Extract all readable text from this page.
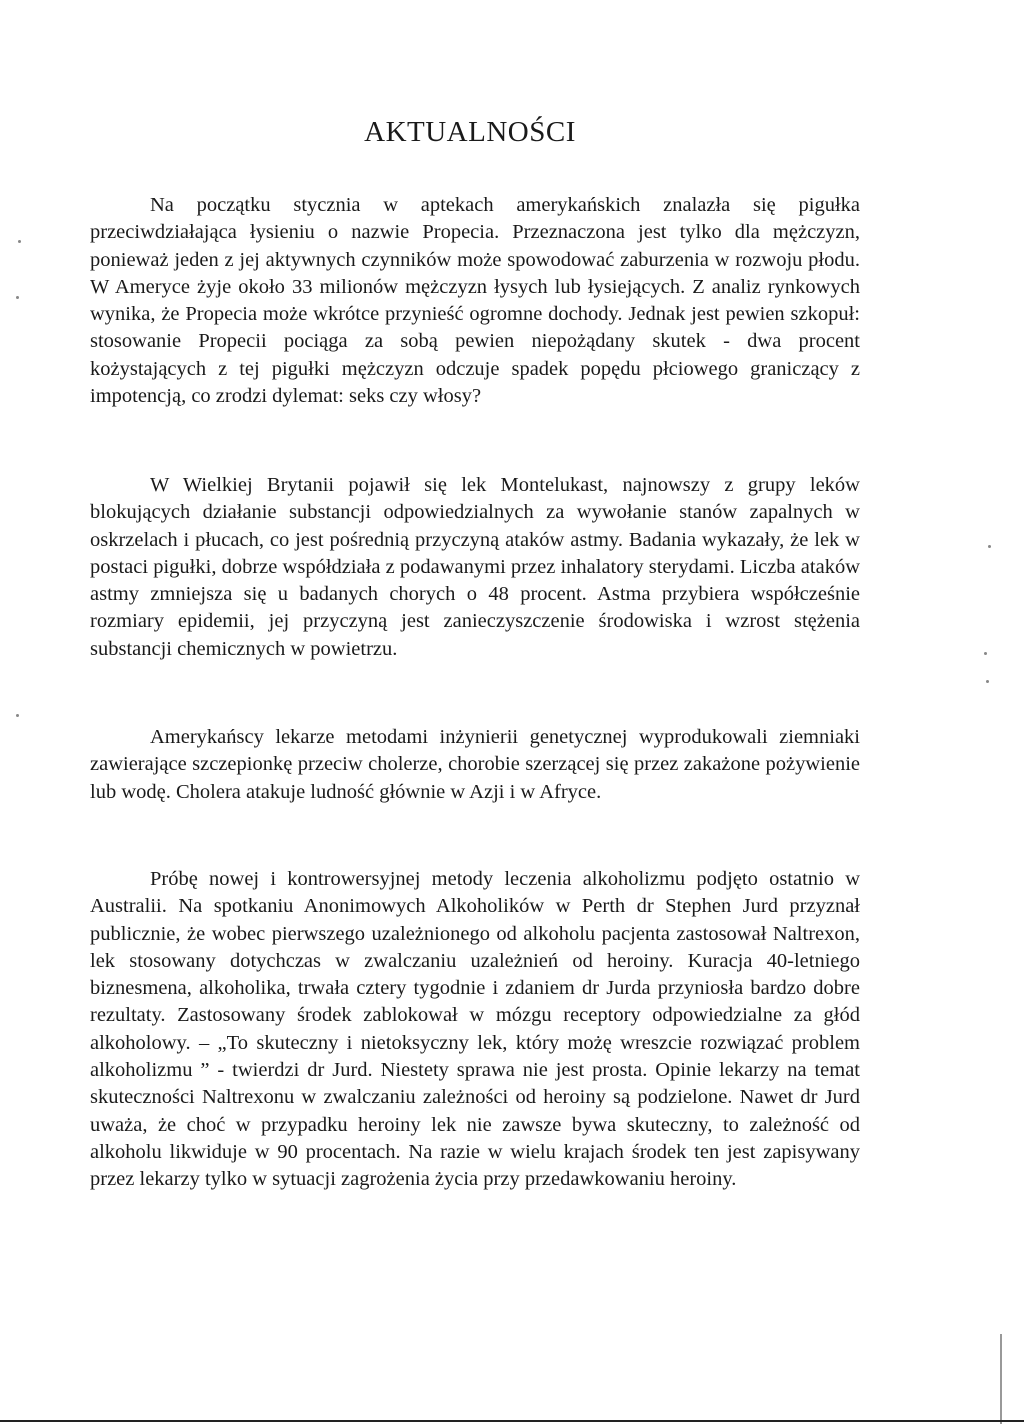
AKTUALNOŚCI

Na początku stycznia w aptekach amerykańskich znalazła się pigułka przeciwdziałająca łysieniu o nazwie Propecia. Przeznaczona jest tylko dla mężczyzn, ponieważ jeden z jej aktywnych czynników może spowodować zaburzenia w rozwoju płodu. W Ameryce żyje około 33 milionów mężczyzn łysych lub łysiejących. Z analiz rynkowych wynika, że Propecia może wkrótce przynieść ogromne dochody. Jednak jest pewien szkopuł: stosowanie Propecii pociąga za sobą pewien niepożądany skutek - dwa procent kożystających z tej pigułki mężczyzn odczuje spadek popędu płciowego graniczący z impotencją, co zrodzi dylemat: seks czy włosy?

W Wielkiej Brytanii pojawił się lek Montelukast, najnowszy z grupy leków blokujących działanie substancji odpowiedzialnych za wywołanie stanów zapalnych w oskrzelach i płucach, co jest pośrednią przyczyną ataków astmy. Badania wykazały, że lek w postaci pigułki, dobrze współdziała z podawanymi przez inhalatory sterydami. Liczba ataków astmy zmniejsza się u badanych chorych o 48 procent. Astma przybiera współcześnie rozmiary epidemii, jej przyczyną jest zanieczyszczenie środowiska i wzrost stężenia substancji chemicznych w powietrzu.

Amerykańscy lekarze metodami inżynierii genetycznej wyprodukowali ziemniaki zawierające szczepionkę przeciw cholerze, chorobie szerzącej się przez zakażone pożywienie lub wodę. Cholera atakuje ludność głównie w Azji i w Afryce.

Próbę nowej i kontrowersyjnej metody leczenia alkoholizmu podjęto ostatnio w Australii. Na spotkaniu Anonimowych Alkoholików w Perth dr Stephen Jurd przyznał publicznie, że wobec pierwszego uzależnionego od alkoholu pacjenta zastosował Naltrexon, lek stosowany dotychczas w zwalczaniu uzależnień od heroiny. Kuracja 40-letniego biznesmena, alkoholika, trwała cztery tygodnie i zdaniem dr Jurda przyniosła bardzo dobre rezultaty. Zastosowany środek zablokował w mózgu receptory odpowiedzialne za głód alkoholowy. – „To skuteczny i nietoksyczny lek, który możę wreszcie rozwiązać problem alkoholizmu ” - twierdzi dr Jurd. Niestety sprawa nie jest prosta. Opinie lekarzy na temat skuteczności Naltrexonu w zwalczaniu zależności od heroiny są podzielone. Nawet dr Jurd uważa, że choć w przypadku heroiny lek nie zawsze bywa skuteczny, to zależność od alkoholu likwiduje w 90 procentach. Na razie w wielu krajach środek ten jest zapisywany przez lekarzy tylko w sytuacji zagrożenia życia przy przedawkowaniu heroiny.
